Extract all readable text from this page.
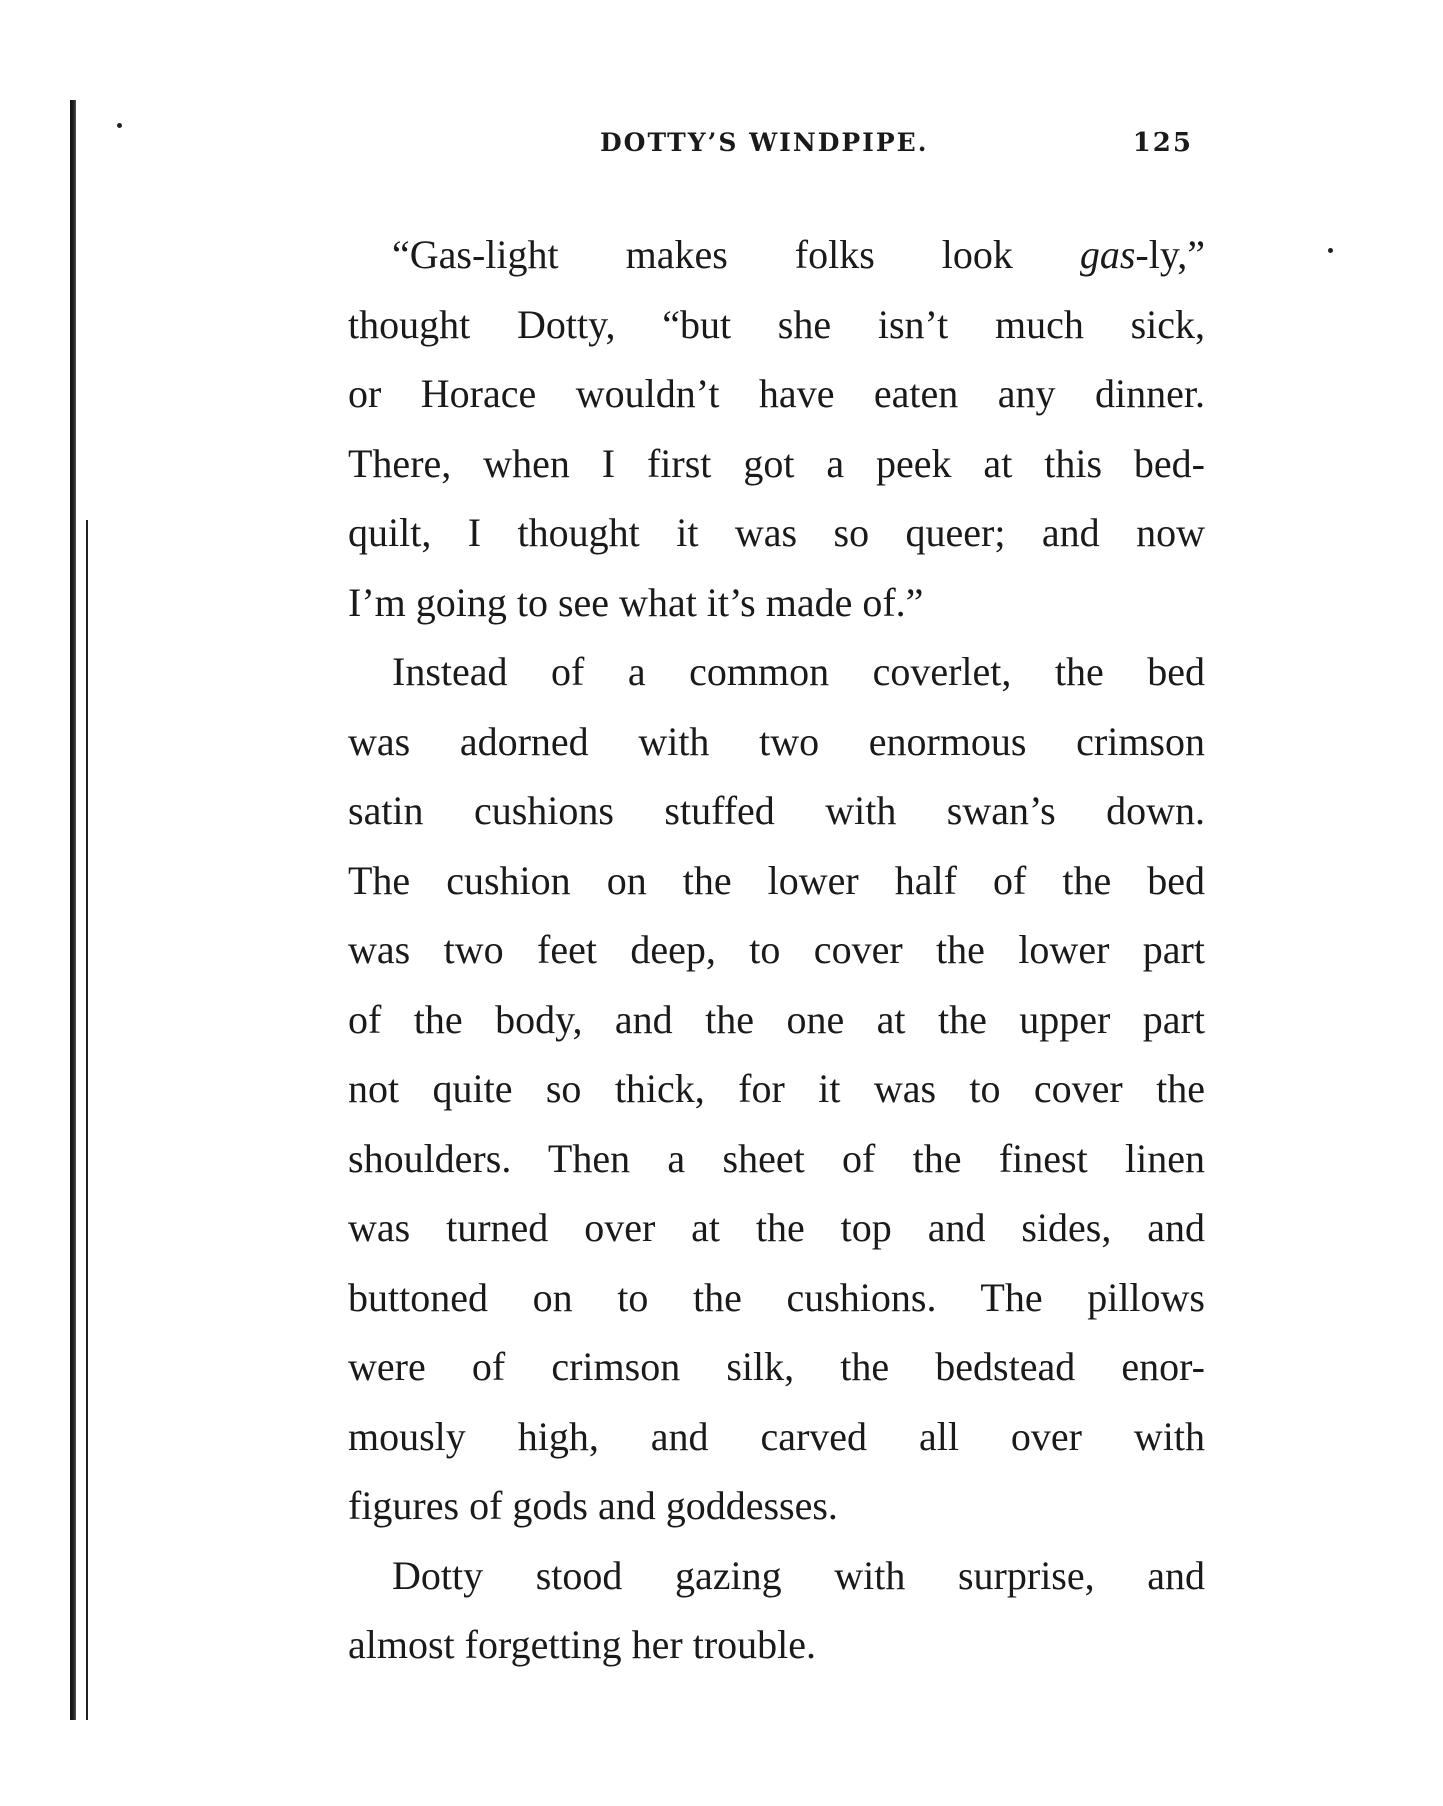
DOTTY’S WINDPIPE.	125
“Gas-light makes folks look gas-ly,”
thought Dotty, “but she isn’t much sick,
or Horace wouldn’t have eaten any dinner.
There, when I first got a peek at this bed-
quilt, I thought it was so queer; and now
I’m going to see what it’s made of.”
Instead of a common coverlet, the bed
was adorned with two enormous crimson
satin cushions stuffed with swan’s down.
The cushion on the lower half of the bed
was two feet deep, to cover the lower part
of the body, and the one at the upper part
not quite so thick, for it was to cover the
shoulders. Then a sheet of the finest linen
was turned over at the top and sides, and
buttoned on to the cushions. The pillows
were of crimson silk, the bedstead enor-
mously high, and carved all over with
figures of gods and goddesses.
Dotty stood gazing with surprise, and
almost forgetting her trouble.
